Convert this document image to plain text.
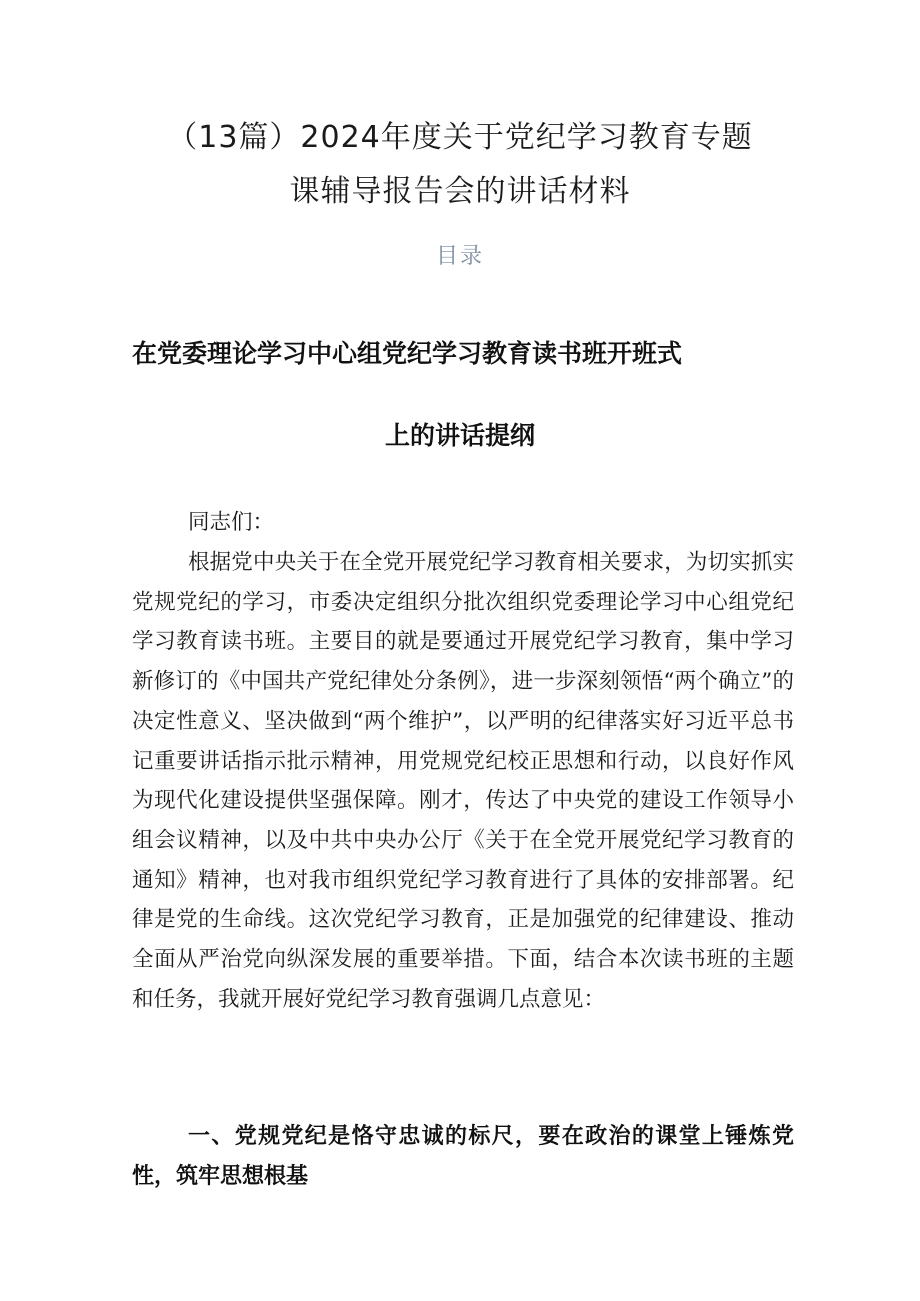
（13篇）2024年度关于党纪学习教育专题
课辅导报告会的讲话材料
目录
在党委理论学习中心组党纪学习教育读书班开班式
上的讲话提纲
同志们：
根据党中央关于在全党开展党纪学习教育相关要求，为切实抓实党规党纪的学习，市委决定组织分批次组织党委理论学习中心组党纪学习教育读书班。主要目的就是要通过开展党纪学习教育，集中学习新修订的《中国共产党纪律处分条例》，进一步深刻领悟“两个确立”的决定性意义、坚决做到“两个维护”，以严明的纪律落实好习近平总书记重要讲话指示批示精神，用党规党纪校正思想和行动，以良好作风为现代化建设提供坚强保障。刚才，传达了中央党的建设工作领导小组会议精神，以及中共中央办公厅《关于在全党开展党纪学习教育的通知》精神，也对我市组织党纪学习教育进行了具体的安排部署。纪律是党的生命线。这次党纪学习教育，正是加强党的纪律建设、推动全面从严治党向纵深发展的重要举措。下面，结合本次读书班的主题和任务，我就开展好党纪学习教育强调几点意见：
一、党规党纪是恪守忠诚的标尺，要在政治的课堂上锤炼党性，筑牢思想根基
